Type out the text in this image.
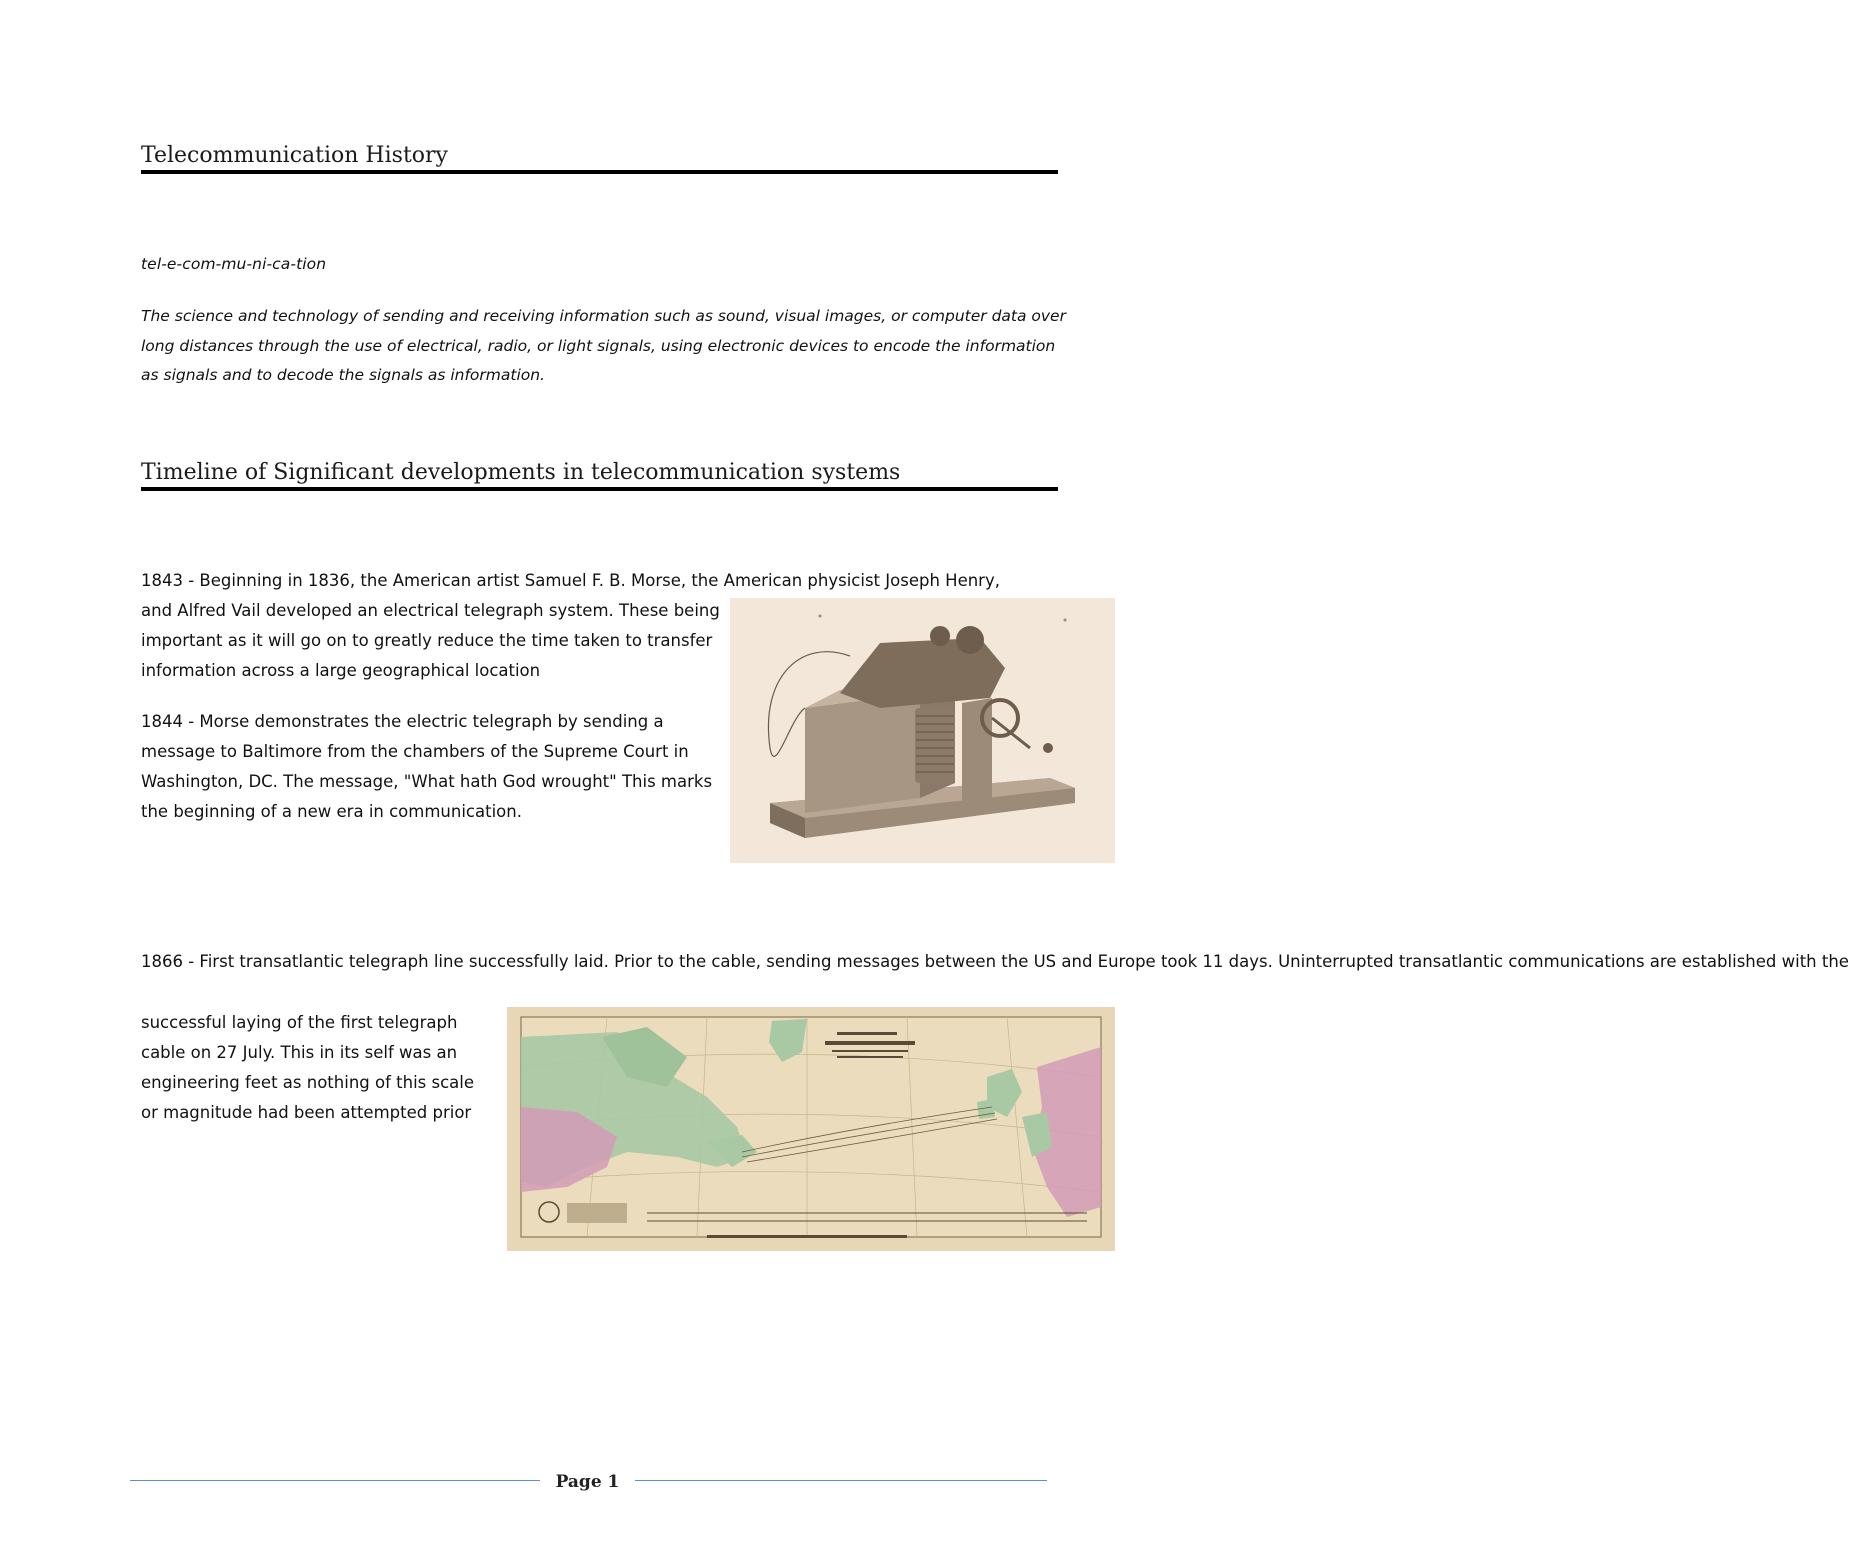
Telecommunication History
tel-e-com-mu-ni-ca-tion
The science and technology of sending and receiving information such as sound, visual images, or computer data over long distances through the use of electrical, radio, or light signals, using electronic devices to encode the information as signals and to decode the signals as information.
Timeline of Significant developments in telecommunication systems
1843 - Beginning in 1836, the American artist Samuel F. B. Morse, the American physicist Joseph Henry,
and Alfred Vail developed an electrical telegraph system. These being important as it will go on to greatly reduce the time taken to transfer information across a large geographical location
1844 - Morse demonstrates the electric telegraph by sending a message to Baltimore from the chambers of the Supreme Court in Washington, DC. The message, "What hath God wrought" This marks the beginning of a new era in communication.
1866 - First transatlantic telegraph line successfully laid. Prior to the cable, sending messages between the US and Europe took 11 days. Uninterrupted transatlantic communications are established with the
successful laying of the first telegraph cable on 27 July. This in its self was an engineering feet as nothing of this scale or magnitude had been attempted prior
Page 1
